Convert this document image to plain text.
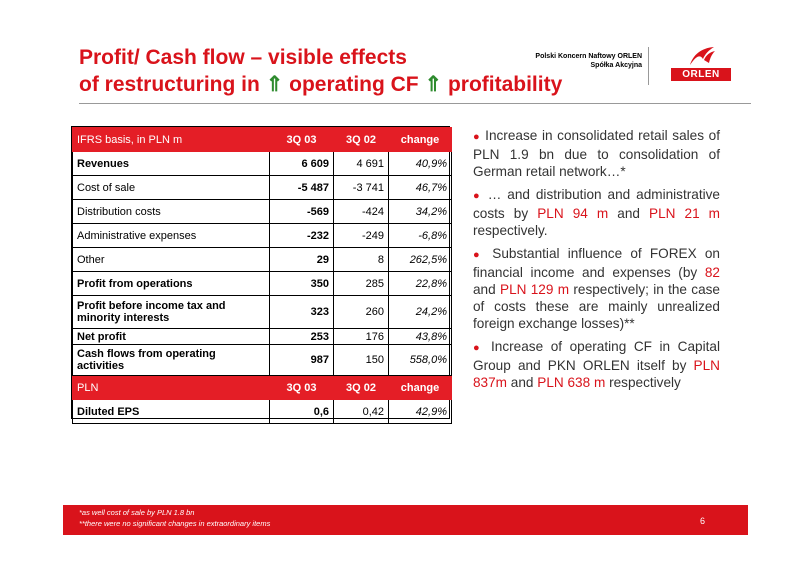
Profit/ Cash flow – visible effects
of restructuring in ⇑ operating CF ⇑ profitability
Polski Koncern Naftowy ORLEN
Spółka Akcyjna
ORLEN
IFRS basis, in PLN m	3Q 03	3Q 02	change
Revenues	6 609	4 691	40,9%
Cost of sale	-5 487	-3 741	46,7%
Distribution costs	-569	-424	34,2%
Administrative expenses	-232	-249	-6,8%
Other	29	8	262,5%
Profit from operations	350	285	22,8%
Profit before income tax and minority interests	323	260	24,2%
Net profit	253	176	43,8%
Cash flows from operating activities	987	150	558,0%
PLN	3Q 03	3Q 02	change
Diluted EPS	0,6	0,42	42,9%
● Increase in consolidated retail sales of PLN 1.9 bn due to consolidation of German retail network…*
● … and distribution and administrative costs by PLN 94 m and PLN 21 m respectively.
● Substantial influence of FOREX on financial income and expenses (by 82 and PLN 129 m respectively; in the case of costs these are mainly unrealized foreign exchange losses)**
● Increase of operating CF in Capital Group and PKN ORLEN itself by PLN 837m and PLN 638 m respectively
*as well cost of sale by PLN 1.8 bn
**there were no significant changes in extraordinary items	6
